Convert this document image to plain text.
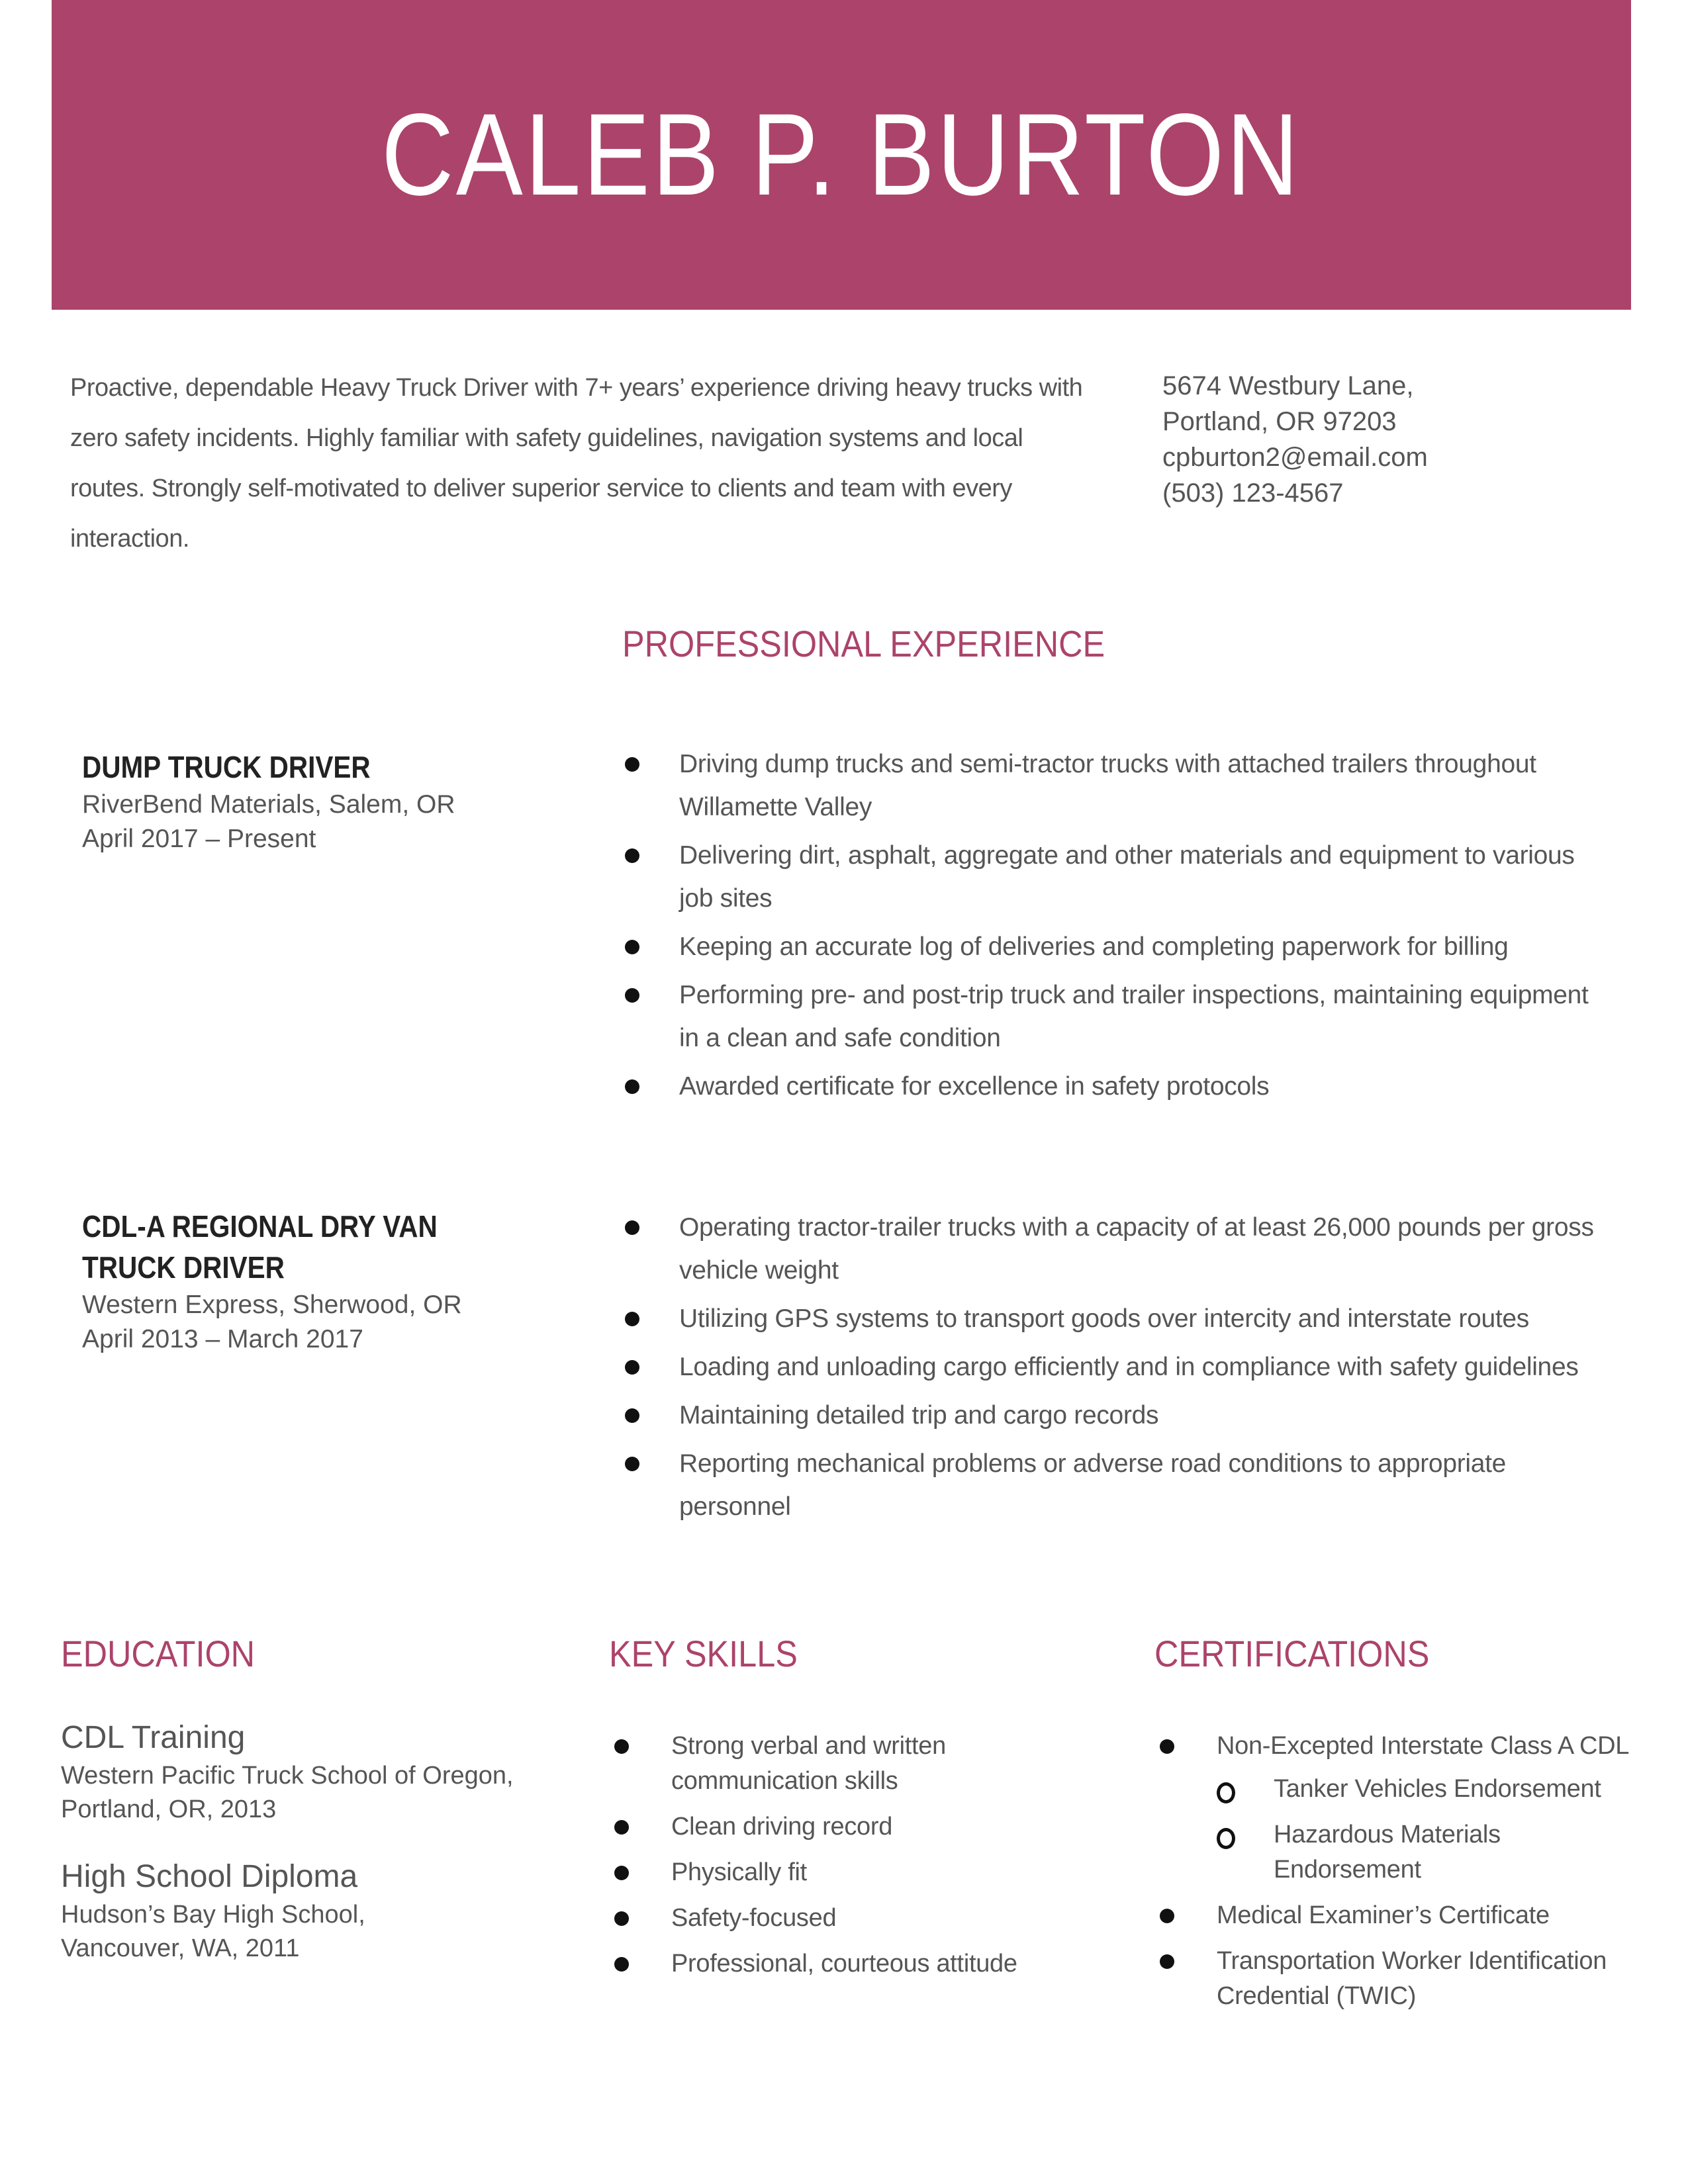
CALEB P. BURTON
Proactive, dependable Heavy Truck Driver with 7+ years’ experience driving heavy trucks with zero safety incidents. Highly familiar with safety guidelines, navigation systems and local routes. Strongly self-motivated to deliver superior service to clients and team with every interaction.
5674 Westbury Lane,
Portland, OR 97203
cpburton2@email.com
(503) 123-4567
PROFESSIONAL EXPERIENCE
DUMP TRUCK DRIVER
RiverBend Materials, Salem, OR
April 2017 – Present
Driving dump trucks and semi-tractor trucks with attached trailers throughout Willamette Valley
Delivering dirt, asphalt, aggregate and other materials and equipment to various job sites
Keeping an accurate log of deliveries and completing paperwork for billing
Performing pre- and post-trip truck and trailer inspections, maintaining equipment in a clean and safe condition
Awarded certificate for excellence in safety protocols
CDL-A REGIONAL DRY VAN
TRUCK DRIVER
Western Express, Sherwood, OR
April 2013 – March 2017
Operating tractor-trailer trucks with a capacity of at least 26,000 pounds per gross vehicle weight
Utilizing GPS systems to transport goods over intercity and interstate routes
Loading and unloading cargo efficiently and in compliance with safety guidelines
Maintaining detailed trip and cargo records
Reporting mechanical problems or adverse road conditions to appropriate personnel
EDUCATION	KEY SKILLS	CERTIFICATIONS
CDL Training
Western Pacific Truck School of Oregon,
Portland, OR, 2013
High School Diploma
Hudson’s Bay High School,
Vancouver, WA, 2011
Strong verbal and written communication skills
Clean driving record
Physically fit
Safety-focused
Professional, courteous attitude
Non-Excepted Interstate Class A CDL
Tanker Vehicles Endorsement
Hazardous Materials Endorsement
Medical Examiner’s Certificate
Transportation Worker Identification Credential (TWIC)
